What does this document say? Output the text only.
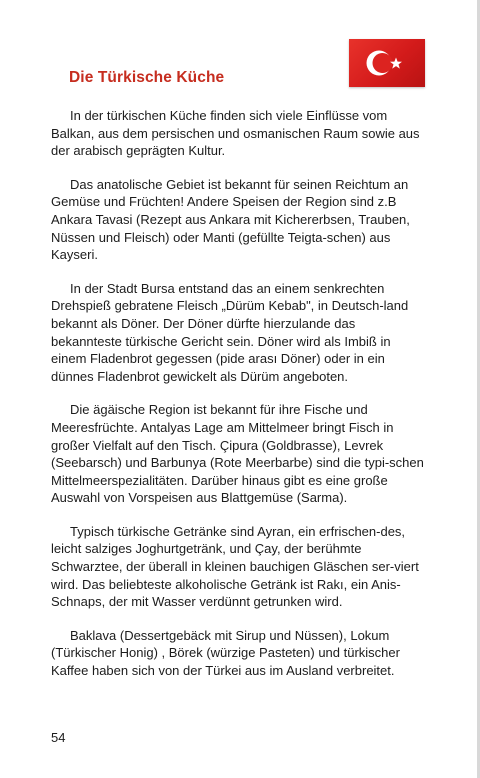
Die Türkische Küche

In der türkischen Küche finden sich viele Einflüsse vom Balkan, aus dem persischen und osmanischen Raum sowie aus der arabisch geprägten Kultur.

Das anatolische Gebiet ist bekannt für seinen Reichtum an Gemüse und Früchten! Andere Speisen der Region sind z.B Ankara Tavasi (Rezept aus Ankara mit Kichererbsen, Trauben, Nüssen und Fleisch) oder Manti (gefüllte Teigta-schen) aus Kayseri.

In der Stadt Bursa entstand das an einem senkrechten Drehspieß gebratene Fleisch „Dürüm Kebab", in Deutsch-land bekannt als Döner. Der Döner dürfte hierzulande das bekannteste türkische Gericht sein. Döner wird als Imbiß in einem Fladenbrot gegessen (pide arası Döner) oder in ein dünnes Fladenbrot gewickelt als Dürüm angeboten.

Die ägäische Region ist bekannt für ihre Fische und Meeresfrüchte. Antalyas Lage am Mittelmeer bringt Fisch in großer Vielfalt auf den Tisch. Çipura (Goldbrasse), Levrek (Seebarsch) und Barbunya (Rote Meerbarbe) sind die typi-schen Mittelmeerspezialitäten. Darüber hinaus gibt es eine große Auswahl von Vorspeisen aus Blattgemüse (Sarma).

Typisch türkische Getränke sind Ayran, ein erfrischen-des, leicht salziges Joghurtgetränk, und Çay, der berühmte Schwarztee, der überall in kleinen bauchigen Gläschen ser-viert wird. Das beliebteste alkoholische Getränk ist Rakı, ein Anis-Schnaps, der mit Wasser verdünnt getrunken wird.

Baklava (Dessertgebäck mit Sirup und Nüssen), Lokum (Türkischer Honig) , Börek (würzige Pasteten) und türkischer Kaffee haben sich von der Türkei aus im Ausland verbreitet.

54
